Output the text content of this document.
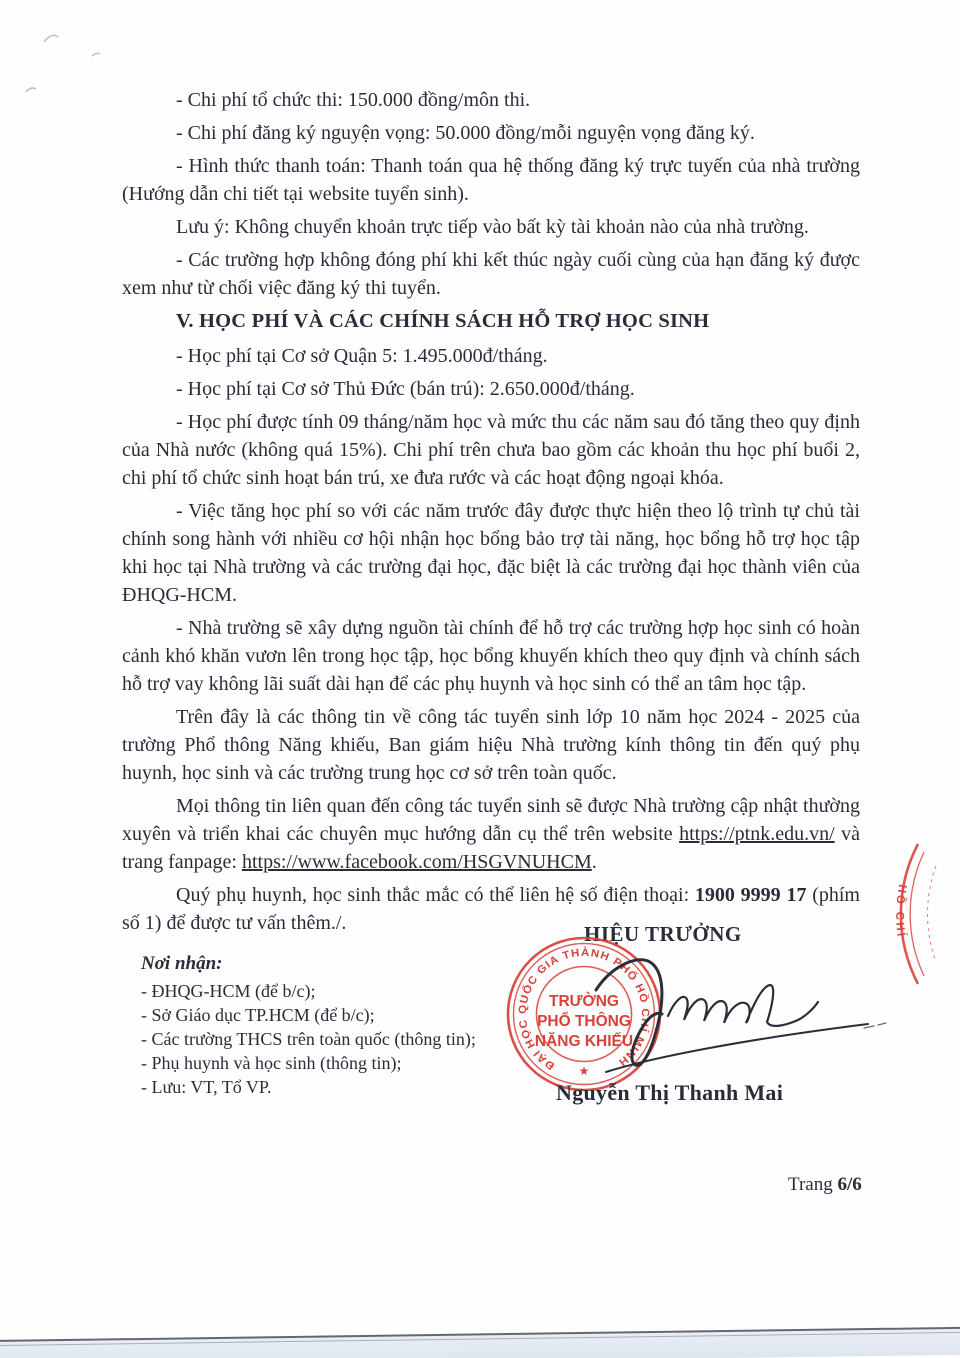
- Chi phí tổ chức thi: 150.000 đồng/môn thi.

- Chi phí đăng ký nguyện vọng: 50.000 đồng/mỗi nguyện vọng đăng ký.

- Hình thức thanh toán: Thanh toán qua hệ thống đăng ký trực tuyến của nhà trường (Hướng dẫn chi tiết tại website tuyển sinh).

Lưu ý: Không chuyển khoản trực tiếp vào bất kỳ tài khoản nào của nhà trường.

- Các trường hợp không đóng phí khi kết thúc ngày cuối cùng của hạn đăng ký được xem như từ chối việc đăng ký thi tuyển.

V. HỌC PHÍ VÀ CÁC CHÍNH SÁCH HỖ TRỢ HỌC SINH

- Học phí tại Cơ sở Quận 5: 1.495.000đ/tháng.

- Học phí tại Cơ sở Thủ Đức (bán trú): 2.650.000đ/tháng.

- Học phí được tính 09 tháng/năm học và mức thu các năm sau đó tăng theo quy định của Nhà nước (không quá 15%). Chi phí trên chưa bao gồm các khoản thu học phí buổi 2, chi phí tổ chức sinh hoạt bán trú, xe đưa rước và các hoạt động ngoại khóa.

- Việc tăng học phí so với các năm trước đây được thực hiện theo lộ trình tự chủ tài chính song hành với nhiều cơ hội nhận học bổng bảo trợ tài năng, học bổng hỗ trợ học tập khi học tại Nhà trường và các trường đại học, đặc biệt là các trường đại học thành viên của ĐHQG-HCM.

- Nhà trường sẽ xây dựng nguồn tài chính để hỗ trợ các trường hợp học sinh có hoàn cảnh khó khăn vươn lên trong học tập, học bổng khuyến khích theo quy định và chính sách hỗ trợ vay không lãi suất dài hạn để các phụ huynh và học sinh có thể an tâm học tập.

Trên đây là các thông tin về công tác tuyển sinh lớp 10 năm học 2024 - 2025 của trường Phổ thông Năng khiếu, Ban giám hiệu Nhà trường kính thông tin đến quý phụ huynh, học sinh và các trường trung học cơ sở trên toàn quốc.

Mọi thông tin liên quan đến công tác tuyển sinh sẽ được Nhà trường cập nhật thường xuyên và triển khai các chuyên mục hướng dẫn cụ thể trên website https://ptnk.edu.vn/ và trang fanpage: https://www.facebook.com/HSGVNUHCM.

Quý phụ huynh, học sinh thắc mắc có thể liên hệ số điện thoại: 1900 9999 17 (phím số 1) để được tư vấn thêm./.	HIỆU TRƯỞNG
ĐẠI HỌC QUỐC GIA THÀNH PHỐ HỒ CHÍ MINH
★
TRƯỜNG
PHỔ THÔNG
NĂNG KHIẾU
Nguyễn Thị Thanh Mai
HỒ CHÍ
Nơi nhận:
- ĐHQG-HCM (để b/c);
- Sở Giáo dục TP.HCM (để b/c);
- Các trường THCS trên toàn quốc (thông tin);
- Phụ huynh và học sinh (thông tin);
- Lưu: VT, Tổ VP.
Trang 6/6
